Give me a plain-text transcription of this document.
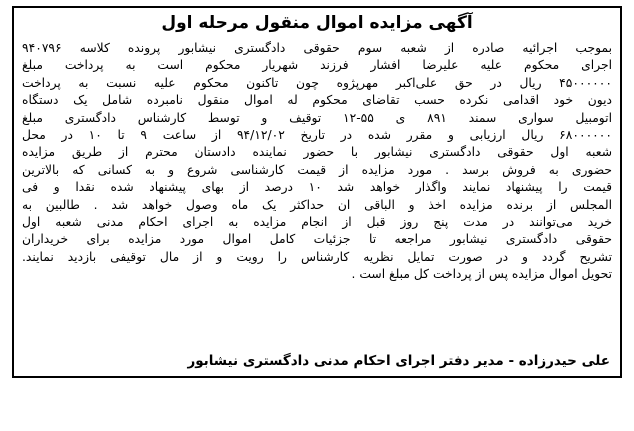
آگهی مزایده اموال منقول مرحله اول
بموجب اجرائیه صادره از شعبه سوم حقوقی دادگستری نیشابور پرونده کلاسه ۹۴۰۷۹۶
اجرای محکوم علیه علیرضا افشار فرزند شهریار محکوم است به پرداخت مبلغ
۴۵۰۰۰۰۰۰ ریال در حق علی‌اکبر مهرپژوه چون تاکنون محکوم علیه نسبت به پرداخت
دیون خود اقدامی نکرده حسب تقاضای محکوم له اموال منقول نامبرده شامل یک دستگاه
اتومبیل سواری سمند ۸۹۱ ی ۵۵-۱۲ توقیف و توسط کارشناس دادگستری مبلغ
۶۸۰۰۰۰۰۰ ریال ارزیابی و مقرر شده در تاریخ ۹۴/۱۲/۰۲ از ساعت ۹ تا ۱۰ در محل
شعبه اول حقوقی دادگستری نیشابور با حضور نماینده دادستان محترم از طریق مزایده
حضوری به فروش برسد . مورد مزایده از قیمت کارشناسی شروع و به کسانی که بالاترین
قیمت را پیشنهاد نمایند واگذار خواهد شد ۱۰ درصد از بهای پیشنهاد شده نقدا و فی
المجلس از برنده مزایده اخذ و الباقی ان حداکثر یک ماه وصول خواهد شد . طالبین به
خرید می‌توانند در مدت پنج روز قبل از انجام مزایده به اجرای احکام مدنی شعبه اول
حقوقی دادگستری نیشابور مراجعه تا جزئیات کامل اموال مورد مزایده برای خریداران
تشریح گردد و در صورت تمایل نظریه کارشناس را رویت و از مال توقیفی بازدید نمایند.
تحویل اموال مزایده پس از پرداخت کل مبلغ است .
علی حیدرزاده - مدیر دفتر اجرای احکام مدنی دادگستری نیشابور
